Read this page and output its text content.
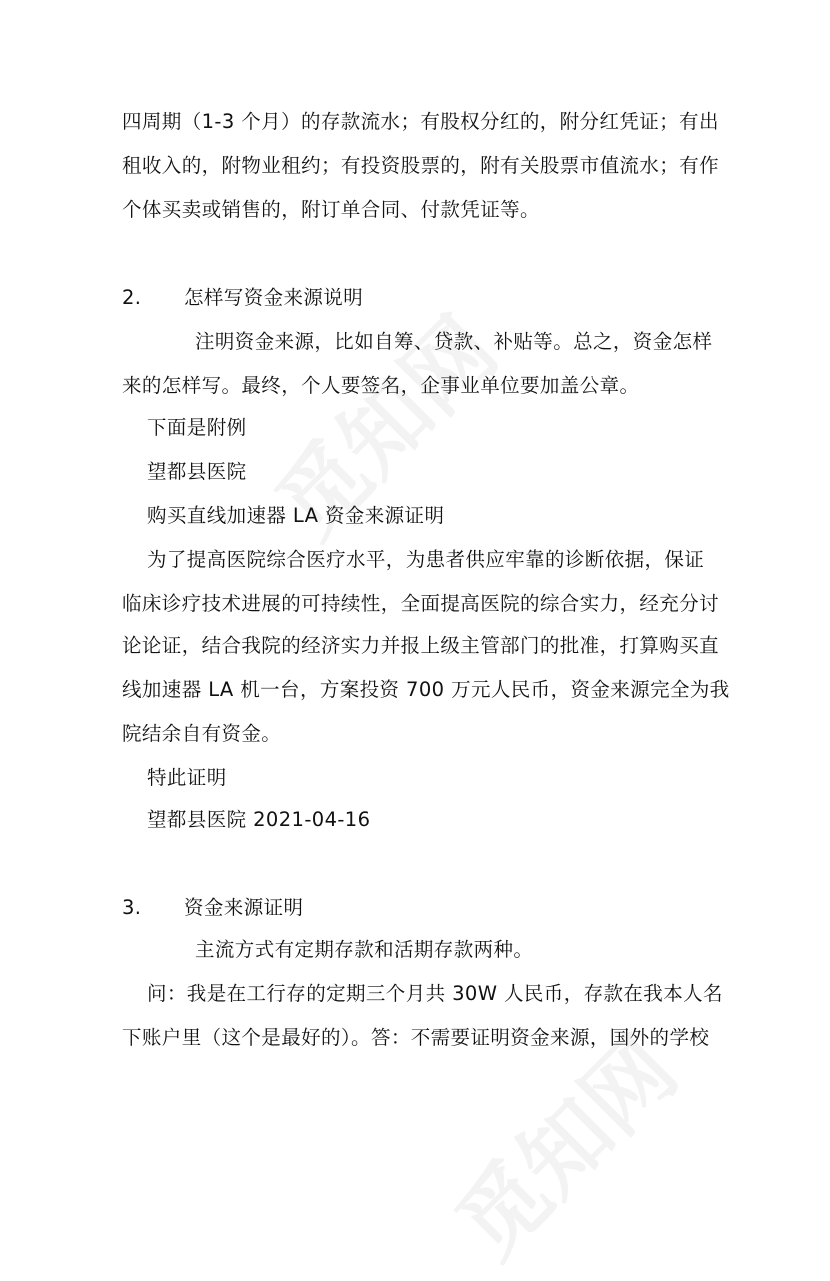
四周期（1-3 个月）的存款流水；有股权分红的，附分红凭证；有出
租收入的，附物业租约；有投资股票的，附有关股票市值流水；有作
个体买卖或销售的，附订单合同、付款凭证等。
2.	怎样写资金来源说明
注明资金来源，比如自筹、贷款、补贴等。总之，资金怎样
来的怎样写。最终，个人要签名，企事业单位要加盖公章。
下面是附例
望都县医院
购买直线加速器 LA 资金来源证明
为了提高医院综合医疗水平，为患者供应牢靠的诊断依据，保证
临床诊疗技术进展的可持续性，全面提高医院的综合实力，经充分讨
论论证，结合我院的经济实力并报上级主管部门的批准，打算购买直
线加速器 LA 机一台，方案投资 700 万元人民币，资金来源完全为我
院结余自有资金。
特此证明
望都县医院 2021-04-16
3.	资金来源证明
主流方式有定期存款和活期存款两种。
问：我是在工行存的定期三个月共 30W 人民币，存款在我本人名
下账户里（这个是最好的）。答：不需要证明资金来源，国外的学校
